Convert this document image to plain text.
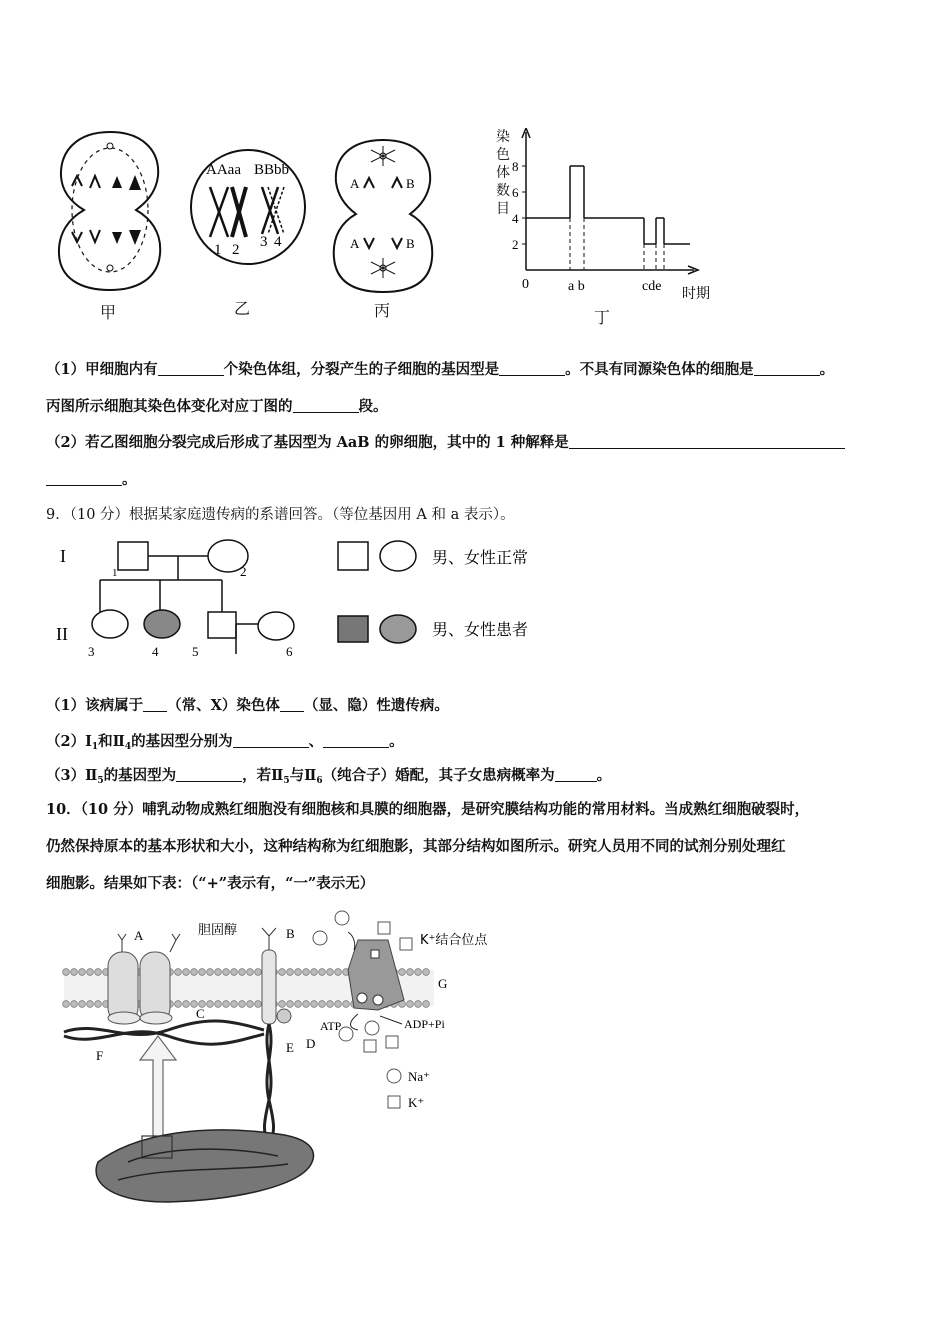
甲
AAaa BBbb
1 2 3 4
乙
A	B
A	B
丙
染色体数目
2
4
6
8
0	a b	cde 时期
丁
（1）甲细胞内有	个染色体组，分裂产生的子细胞的基因型是	。不具有同源染色体的细胞是	。
丙图所示细胞其染色体变化对应丁图的	段。
（2）若乙图细胞分裂完成后形成了基因型为 AaB 的卵细胞，其中的 1 种解释是
。
9．（10 分）根据某家庭遗传病的系谱回答。（等位基因用 A 和 a 表示）。
I
II
1	2
3	4	5	6
男、女性正常
男、女性患者
（1）该病属于 （常、X）染色体 （显、隐）性遗传病。
$(2)Ⅰ_1$和$Ⅱ_4$的基因型分别为	、	。
$(3)Ⅱ_5$的基因型为	，若$Ⅱ_5$与$Ⅱ_6$（纯合子）婚配，其子女患病概率为	。
10．（10 分）哺乳动物成熟红细胞没有细胞核和具膜的细胞器，是研究膜结构功能的常用材料。当成熟红细胞破裂时，
仍然保持原本的基本形状和大小，这种结构称为红细胞影，其部分结构如图所示。研究人员用不同的试剂分别处理红
细胞影。结果如下表：（“+”表示有，“一”表示无）
A	B
C
D
E
F
G
胆固醇
K⁺结合位点
ATP	ADP+Pi
Na⁺
K⁺
